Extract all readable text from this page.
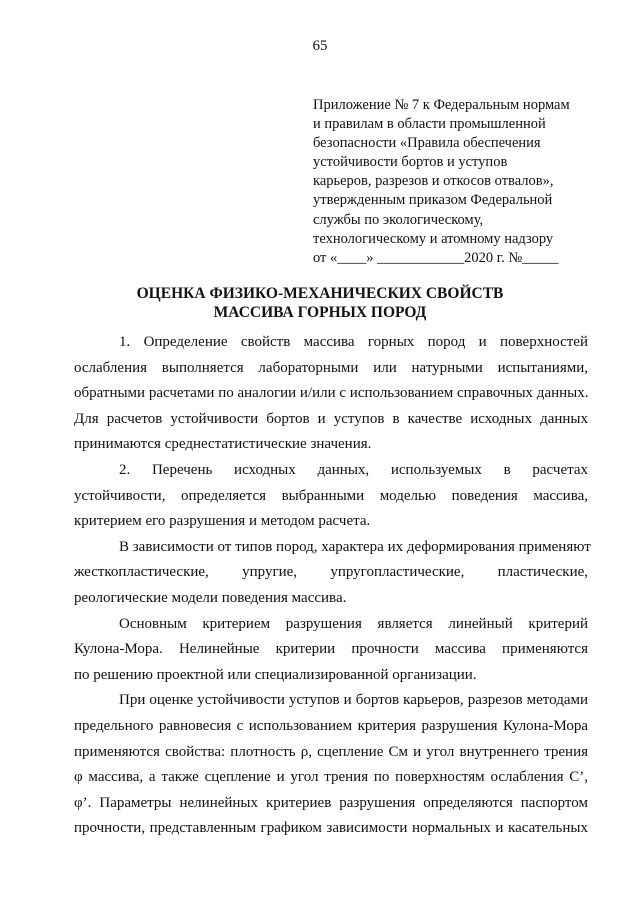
65
Приложение № 7 к Федеральным нормам
и правилам в области промышленной
безопасности «Правила обеспечения
устойчивости бортов и уступов
карьеров, разрезов и откосов отвалов»,
утвержденным приказом Федеральной
службы по экологическому,
технологическому и атомному надзору
от «____» ____________2020 г. №_____
ОЦЕНКА ФИЗИКО-МЕХАНИЧЕСКИХ СВОЙСТВ
МАССИВА ГОРНЫХ ПОРОД
1. Определение свойств массива горных пород и поверхностей
ослабления выполняется лабораторными или натурными испытаниями,
обратными расчетами по аналогии и/или с использованием справочных данных.
Для расчетов устойчивости бортов и уступов в качестве исходных данных
принимаются среднестатистические значения.
2. Перечень исходных данных, используемых в расчетах
устойчивости, определяется выбранными моделью поведения массива,
критерием его разрушения и методом расчета.
В зависимости от типов пород, характера их деформирования применяют
жесткопластические, упругие, упругопластические, пластические,
реологические модели поведения массива.
Основным критерием разрушения является линейный критерий
Кулона-Мора. Нелинейные критерии прочности массива применяются
по решению проектной или специализированной организации.
При оценке устойчивости уступов и бортов карьеров, разрезов методами
предельного равновесия с использованием критерия разрушения Кулона-Мора
применяются свойства: плотность ρ, сцепление Cм и угол внутреннего трения
φ массива, а также сцепление и угол трения по поверхностям ослабления C’,
φ’. Параметры нелинейных критериев разрушения определяются паспортом
прочности, представленным графиком зависимости нормальных и касательных
